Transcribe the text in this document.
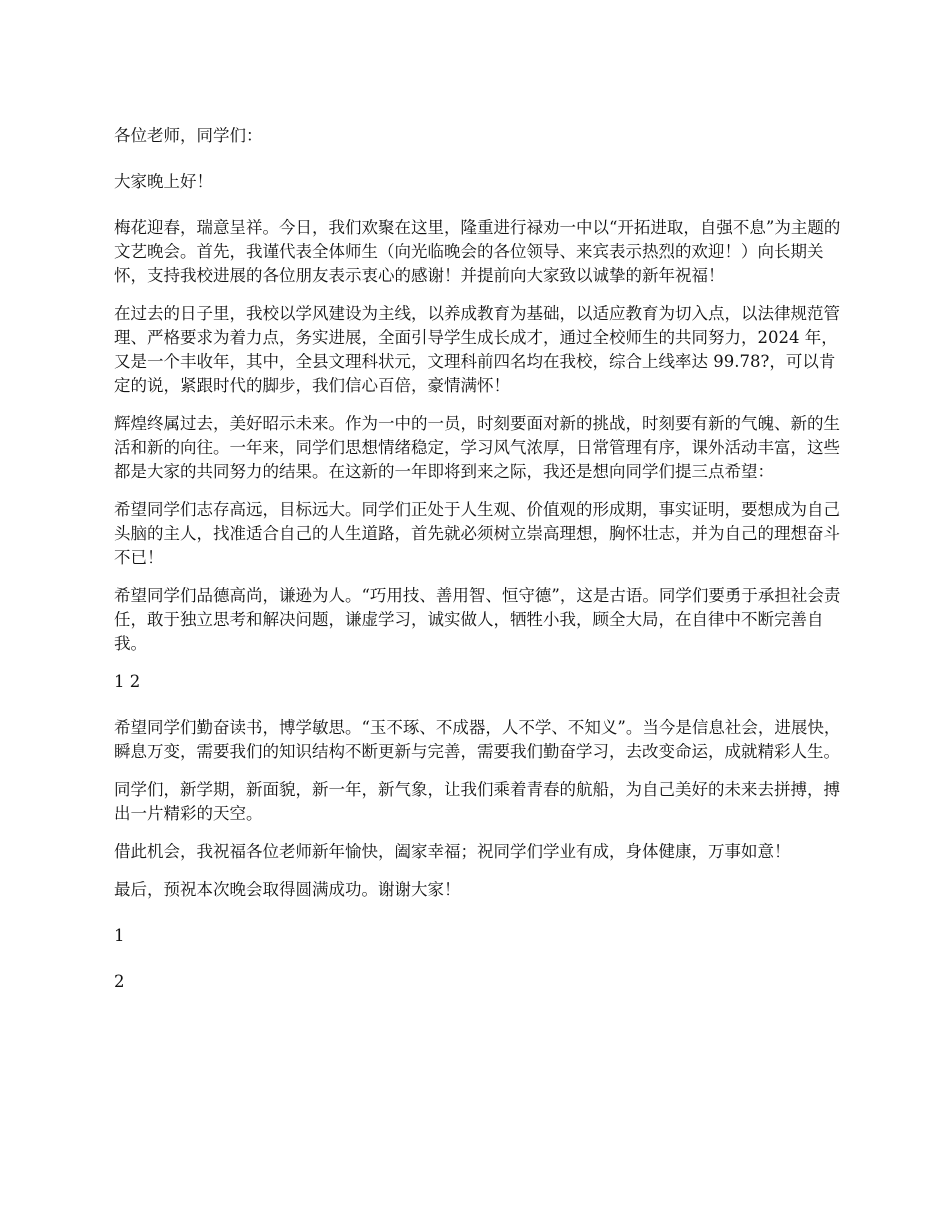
各位老师，同学们：

大家晚上好！

梅花迎春，瑞意呈祥。今日，我们欢聚在这里，隆重进行禄劝一中以“开拓进取，自强不息”为主题的文艺晚会。首先，我谨代表全体师生（向光临晚会的各位领导、来宾表示热烈的欢迎！）向长期关怀，支持我校进展的各位朋友表示衷心的感谢！并提前向大家致以诚挚的新年祝福！

在过去的日子里，我校以学风建设为主线，以养成教育为基础，以适应教育为切入点，以法律规范管理、严格要求为着力点，务实进展，全面引导学生成长成才，通过全校师生的共同努力，2024 年，又是一个丰收年，其中，全县文理科状元，文理科前四名均在我校，综合上线率达 99.78?，可以肯定的说，紧跟时代的脚步，我们信心百倍，豪情满怀！

辉煌终属过去，美好昭示未来。作为一中的一员，时刻要面对新的挑战，时刻要有新的气魄、新的生活和新的向往。一年来，同学们思想情绪稳定，学习风气浓厚，日常管理有序，课外活动丰富，这些都是大家的共同努力的结果。在这新的一年即将到来之际，我还是想向同学们提三点希望：

希望同学们志存高远，目标远大。同学们正处于人生观、价值观的形成期，事实证明，要想成为自己头脑的主人，找准适合自己的人生道路，首先就必须树立崇高理想，胸怀壮志，并为自己的理想奋斗不已！

希望同学们品德高尚，谦逊为人。“巧用技、善用智、恒守德”，这是古语。同学们要勇于承担社会责任，敢于独立思考和解决问题，谦虚学习，诚实做人，牺牲小我，顾全大局，在自律中不断完善自我。

1 2

希望同学们勤奋读书，博学敏思。“玉不琢、不成器，人不学、不知义”。当今是信息社会，进展快，瞬息万变，需要我们的知识结构不断更新与完善，需要我们勤奋学习，去改变命运，成就精彩人生。

同学们，新学期，新面貌，新一年，新气象，让我们乘着青春的航船，为自己美好的未来去拼搏，搏出一片精彩的天空。

借此机会，我祝福各位老师新年愉快，阖家幸福；祝同学们学业有成，身体健康，万事如意！

最后，预祝本次晚会取得圆满成功。谢谢大家！

1

2
